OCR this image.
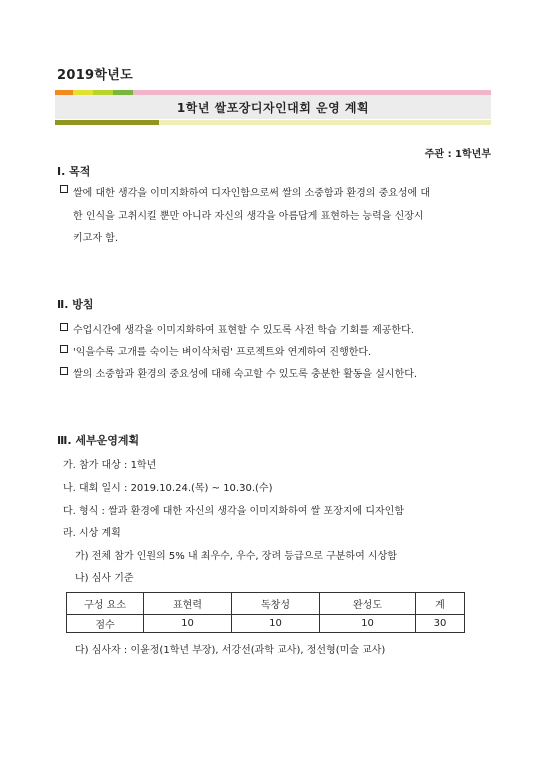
2019학년도
1학년 쌀포장디자인대회 운영 계획
주관 : 1학년부
Ⅰ. 목적
쌀에 대한 생각을 이미지화하여 디자인함으로써 쌀의 소중함과 환경의 중요성에 대
한 인식을 고취시킬 뿐만 아니라 자신의 생각을 아름답게 표현하는 능력을 신장시
키고자 함.
Ⅱ. 방침
수업시간에 생각을 이미지화하여 표현할 수 있도록 사전 학습 기회를 제공한다.
'익을수록 고개를 숙이는 벼이삭처럼' 프로젝트와 연계하여 진행한다.
쌀의 소중함과 환경의 중요성에 대해 숙고할 수 있도록 충분한 활동을 실시한다.
Ⅲ. 세부운영계획
가. 참가 대상 : 1학년
나. 대회 일시 : 2019.10.24.(목) ~ 10.30.(수)
다. 형식 : 쌀과 환경에 대한 자신의 생각을 이미지화하여 쌀 포장지에 디자인함
라. 시상 계획
가) 전체 참가 인원의 5% 내 최우수, 우수, 장려 등급으로 구분하여 시상함
나) 심사 기준
구성 요소	표현력	독창성	완성도	계
점수	10	10	10	30
다) 심사자 : 이윤정(1학년 부장), 서강선(과학 교사), 정선형(미술 교사)
